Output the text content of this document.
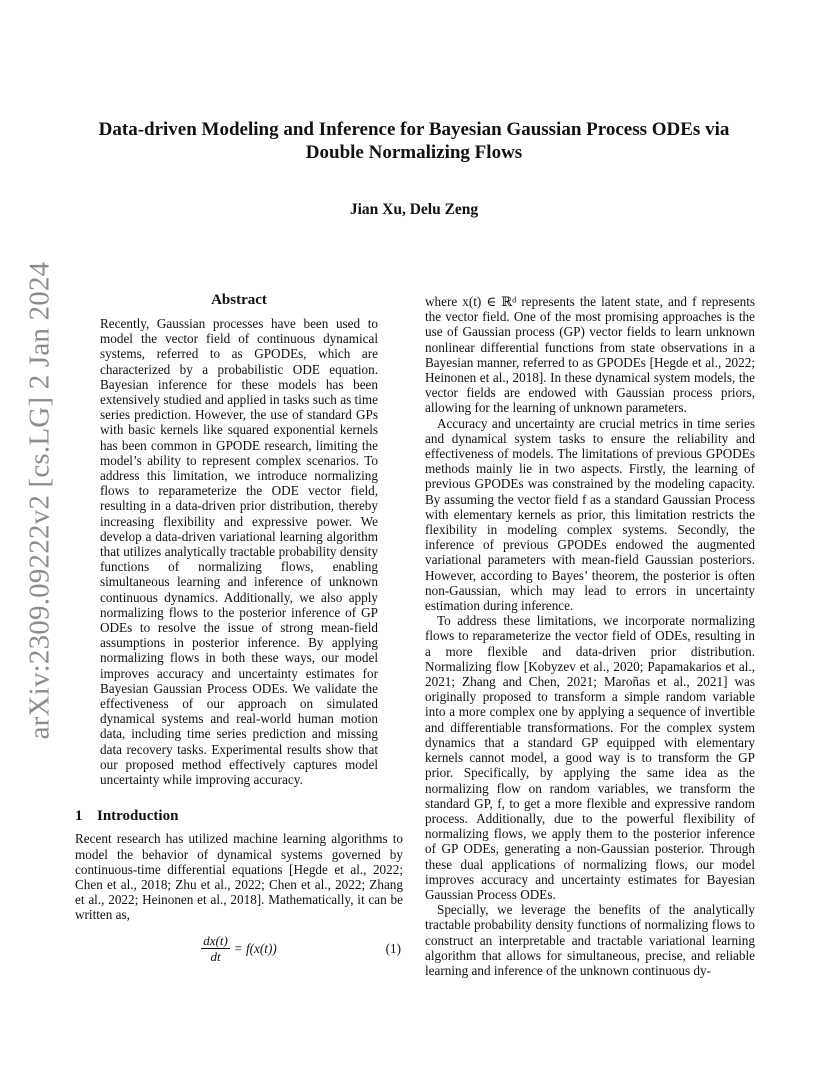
arXiv:2309.09222v2 [cs.LG] 2 Jan 2024
Data-driven Modeling and Inference for Bayesian Gaussian Process ODEs via Double Normalizing Flows
Jian Xu, Delu Zeng
Abstract

Recently, Gaussian processes have been used to model the vector field of continuous dynamical systems, referred to as GPODEs, which are characterized by a probabilistic ODE equation. Bayesian inference for these models has been extensively studied and applied in tasks such as time series prediction. However, the use of standard GPs with basic kernels like squared exponential kernels has been common in GPODE research, limiting the model’s ability to represent complex scenarios. To address this limitation, we introduce normalizing flows to reparameterize the ODE vector field, resulting in a data-driven prior distribution, thereby increasing flexibility and expressive power. We develop a data-driven variational learning algorithm that utilizes analytically tractable probability density functions of normalizing flows, enabling simultaneous learning and inference of unknown continuous dynamics. Additionally, we also apply normalizing flows to the posterior inference of GP ODEs to resolve the issue of strong mean-field assumptions in posterior inference. By applying normalizing flows in both these ways, our model improves accuracy and uncertainty estimates for Bayesian Gaussian Process ODEs. We validate the effectiveness of our approach on simulated dynamical systems and real-world human motion data, including time series prediction and missing data recovery tasks. Experimental results show that our proposed method effectively captures model uncertainty while improving accuracy.

1 Introduction

Recent research has utilized machine learning algorithms to model the behavior of dynamical systems governed by continuous-time differential equations [Hegde et al., 2022; Chen et al., 2018; Zhu et al., 2022; Chen et al., 2022; Zhang et al., 2022; Heinonen et al., 2018]. Mathematically, it can be written as,

$\frac{dx(t)}{dt} = f(x(t))$	(1)

where x(t) ∈ ℝᵈ represents the latent state, and f represents the vector field. One of the most promising approaches is the use of Gaussian process (GP) vector fields to learn unknown nonlinear differential functions from state observations in a Bayesian manner, referred to as GPODEs [Hegde et al., 2022; Heinonen et al., 2018]. In these dynamical system models, the vector fields are endowed with Gaussian process priors, allowing for the learning of unknown parameters.

Accuracy and uncertainty are crucial metrics in time series and dynamical system tasks to ensure the reliability and effectiveness of models. The limitations of previous GPODEs methods mainly lie in two aspects. Firstly, the learning of previous GPODEs was constrained by the modeling capacity. By assuming the vector field f as a standard Gaussian Process with elementary kernels as prior, this limitation restricts the flexibility in modeling complex systems. Secondly, the inference of previous GPODEs endowed the augmented variational parameters with mean-field Gaussian posteriors. However, according to Bayes’ theorem, the posterior is often non-Gaussian, which may lead to errors in uncertainty estimation during inference.

To address these limitations, we incorporate normalizing flows to reparameterize the vector field of ODEs, resulting in a more flexible and data-driven prior distribution. Normalizing flow [Kobyzev et al., 2020; Papamakarios et al., 2021; Zhang and Chen, 2021; Maroñas et al., 2021] was originally proposed to transform a simple random variable into a more complex one by applying a sequence of invertible and differentiable transformations. For the complex system dynamics that a standard GP equipped with elementary kernels cannot model, a good way is to transform the GP prior. Specifically, by applying the same idea as the normalizing flow on random variables, we transform the standard GP, f, to get a more flexible and expressive random process. Additionally, due to the powerful flexibility of normalizing flows, we apply them to the posterior inference of GP ODEs, generating a non-Gaussian posterior. Through these dual applications of normalizing flows, our model improves accuracy and uncertainty estimates for Bayesian Gaussian Process ODEs.

Specially, we leverage the benefits of the analytically tractable probability density functions of normalizing flows to construct an interpretable and tractable variational learning algorithm that allows for simultaneous, precise, and reliable learning and inference of the unknown continuous dy-
